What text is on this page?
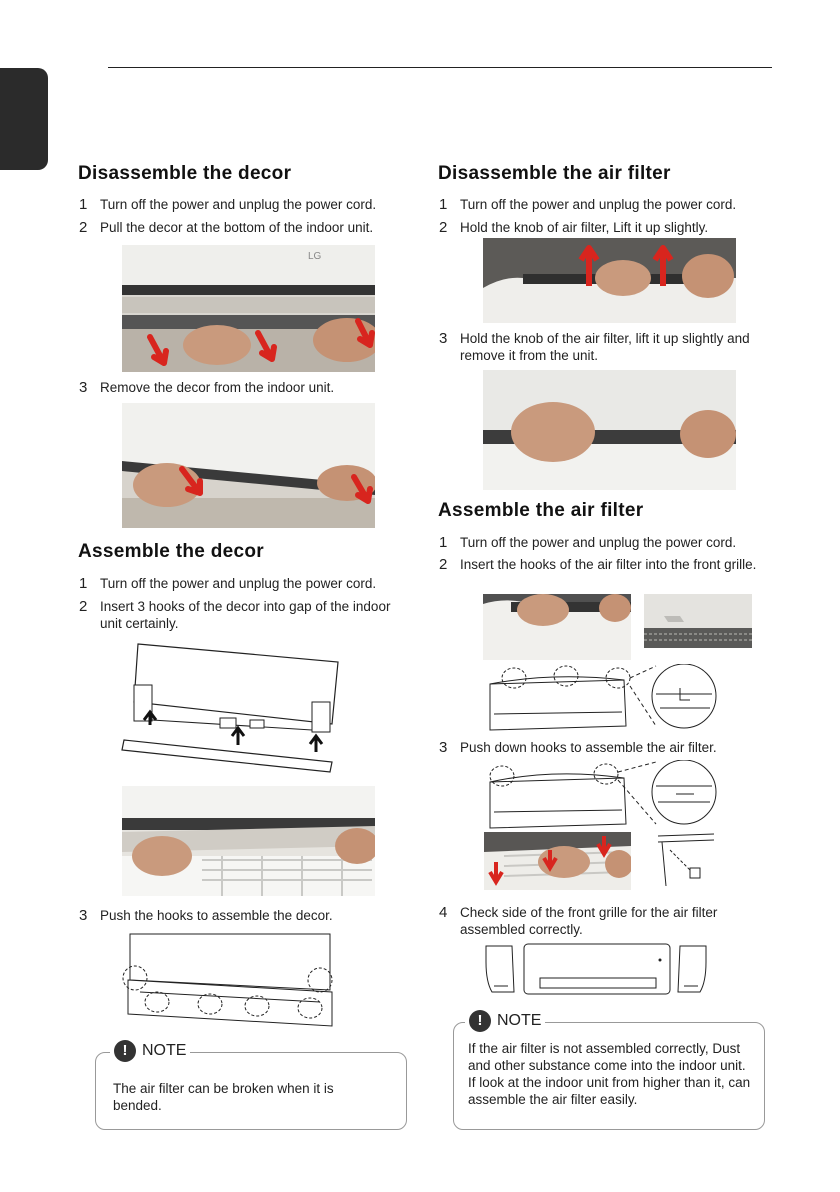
Disassemble the decor
1 Turn off the power and unplug the power cord.
2 Pull the decor at the bottom of the indoor unit.
LG
3 Remove the decor from the indoor unit.
Assemble the decor
1 Turn off the power and unplug the power cord.
2 Insert 3 hooks of the decor into gap of the indoor unit certainly.
3 Push the hooks to assemble the decor.
! NOTE
The air filter can be broken when it is bended.
Disassemble the air filter
1 Turn off the power and unplug the power cord.
2 Hold the knob of air filter, Lift it up slightly.
3 Hold the knob of the air filter, lift it up slightly and remove it from the unit.
Assemble the air filter
1 Turn off the power and unplug the power cord.
2 Insert the hooks of the air filter into the front grille.
3 Push down hooks to assemble the air filter.
4 Check side of the front grille for the air filter assembled correctly.
! NOTE
If the air filter is not assembled correctly, Dust and other substance come into the indoor unit. If look at the indoor unit from higher than it, can assemble the air filter easily.
